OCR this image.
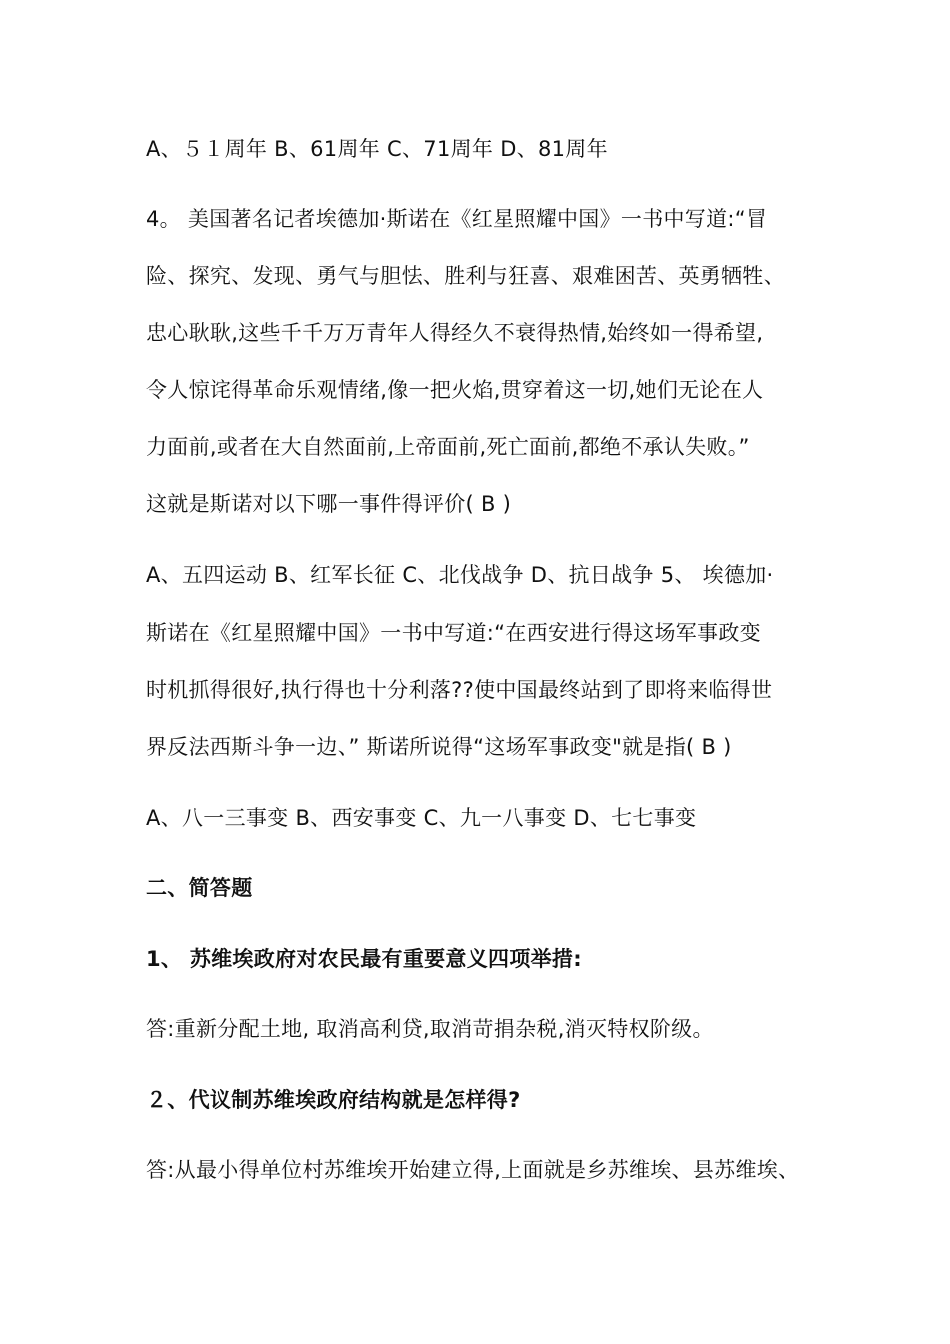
A、５１周年 B、61周年 C、71周年 D、81周年

4。 美国著名记者埃德加·斯诺在《红星照耀中国》一书中写道:“冒

险、探究、发现、勇气与胆怯、胜利与狂喜、艰难困苦、英勇牺牲、

忠心耿耿,这些千千万万青年人得经久不衰得热情,始终如一得希望,

令人惊诧得革命乐观情绪,像一把火焰,贯穿着这一切,她们无论在人

力面前,或者在大自然面前,上帝面前,死亡面前,都绝不承认失败。”

这就是斯诺对以下哪一事件得评价( B )

A、五四运动 B、红军长征 C、北伐战争 D、抗日战争 5、 埃德加·

斯诺在《红星照耀中国》一书中写道:“在西安进行得这场军事政变

时机抓得很好,执行得也十分利落??使中国最终站到了即将来临得世

界反法西斯斗争一边、” 斯诺所说得“这场军事政变"就是指( B )

A、八一三事变 B、西安事变 C、九一八事变 D、七七事变

二、简答题

1、 苏维埃政府对农民最有重要意义四项举措:

答:重新分配土地, 取消高利贷,取消苛捐杂税,消灭特权阶级。

２、代议制苏维埃政府结构就是怎样得?

答:从最小得单位村苏维埃开始建立得,上面就是乡苏维埃、县苏维埃、
